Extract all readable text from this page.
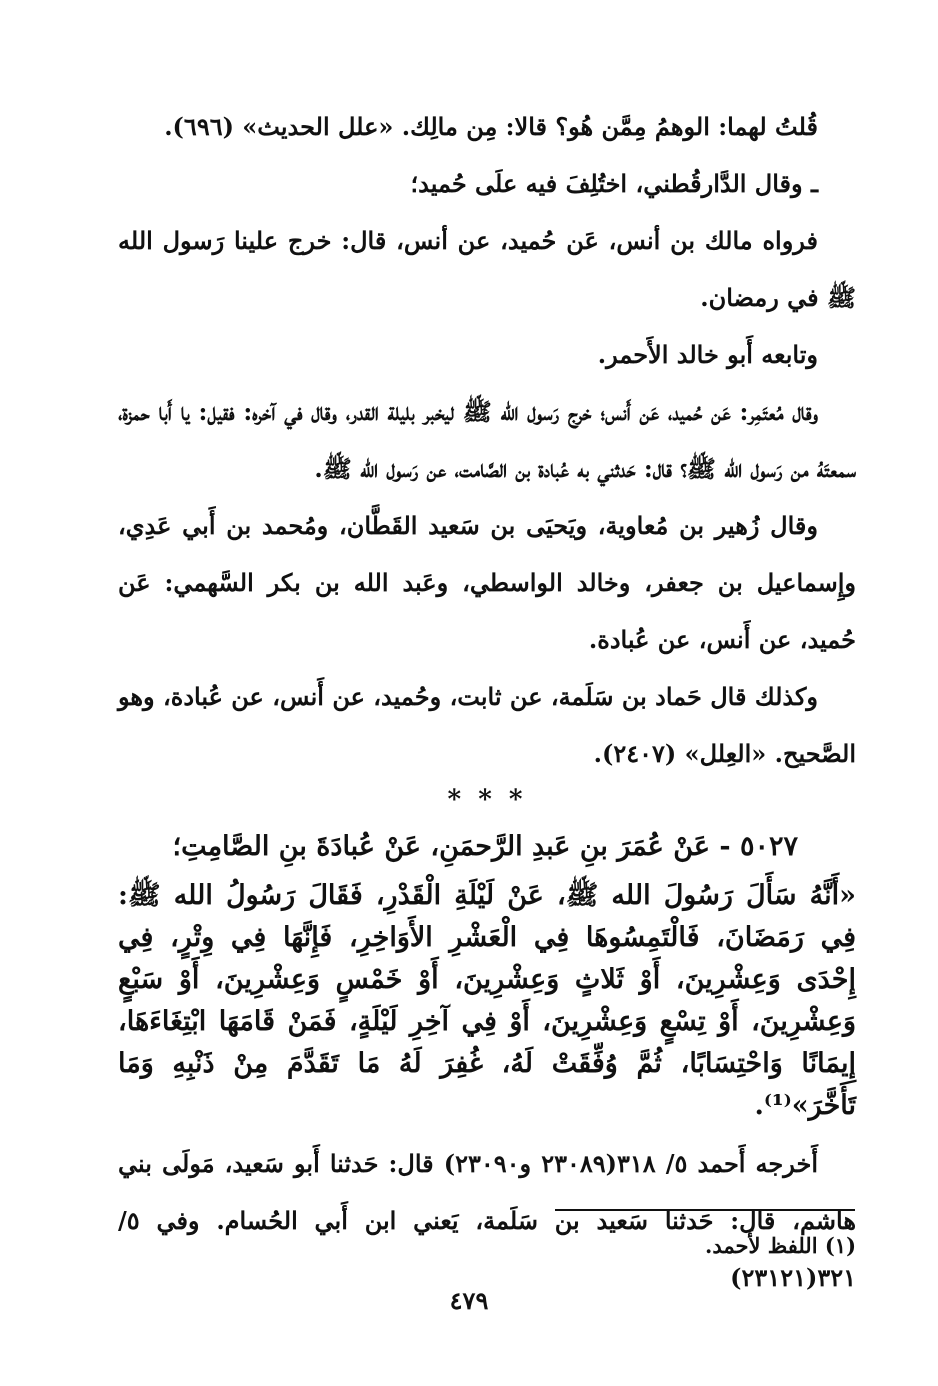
قُلتُ لهما: الوهمُ مِمَّن هُو؟ قالا: مِن مالِك. «علل الحديث» (٦٩٦).

ـ وقال الدَّارقُطني، اختُلِفَ فيه علَى حُميد؛

فرواه مالك بن أنس، عَن حُميد، عن أنس، قال: خرج علينا رَسول الله ﷺ في رمضان.

وتابعه أَبو خالد الأَحمر.

وقال مُعتَمِر: عَن حُميد، عَن أَنس؛ خرج رَسول الله ﷺ ليخبر بليلة القدر، وقال في آخره: فقيل: يا أَبا حمزة، سمعتَهُ من رَسول الله ﷺ؟ قال: حَدثني به عُبادة بن الصَّامت، عن رَسول الله ﷺ.

وقال زُهير بن مُعاوية، ويَحيَى بن سَعيد القَطَّان، ومُحمد بن أَبي عَدِي، وإِسماعيل بن جعفر، وخالد الواسطي، وعَبد الله بن بكر السَّهمي: عَن حُميد، عن أَنس، عن عُبادة.

وكذلك قال حَماد بن سَلَمة، عن ثابت، وحُميد، عن أَنس، عن عُبادة، وهو الصَّحيح. «العِلل» (٢٤٠٧).

* * *

٥٠٢٧ - عَنْ عُمَرَ بنِ عَبدِ الرَّحمَنِ، عَنْ عُبادَةَ بنِ الصَّامِتِ؛

«أَنَّهُ سَأَلَ رَسُولَ الله ﷺ، عَنْ لَيْلَةِ الْقَدْرِ، فَقَالَ رَسُولُ الله ﷺ: فِي رَمَضَانَ، فَالْتَمِسُوهَا فِي الْعَشْرِ الأَوَاخِرِ، فَإِنَّهَا فِي وِتْرٍ، فِي إِحْدَى وَعِشْرِينَ، أَوْ ثَلاثٍ وَعِشْرِينَ، أَوْ خَمْسٍ وَعِشْرِينَ، أَوْ سَبْعٍ وَعِشْرِينَ، أَوْ تِسْعٍ وَعِشْرِينَ، أَوْ فِي آخِرِ لَيْلَةٍ، فَمَنْ قَامَهَا ابْتِغَاءَهَا، إِيمَانًا وَاحْتِسَابًا، ثُمَّ وُفِّقَتْ لَهُ، غُفِرَ لَهُ مَا تَقَدَّمَ مِنْ ذَنْبِهِ وَمَا تَأَخَّرَ»⁽¹⁾.

أَخرجه أَحمد ٥/ ٣١٨(٢٣٠٨٩ و٢٣٠٩٠) قال: حَدثنا أَبو سَعيد، مَولَى بني هاشم، قال: حَدثنا سَعيد بن سَلَمة، يَعني ابن أَبي الحُسام. وفي ٥/ ٣٢١(٢٣١٢١)

(١) اللفظ لأَحمد.
٤٧٩
